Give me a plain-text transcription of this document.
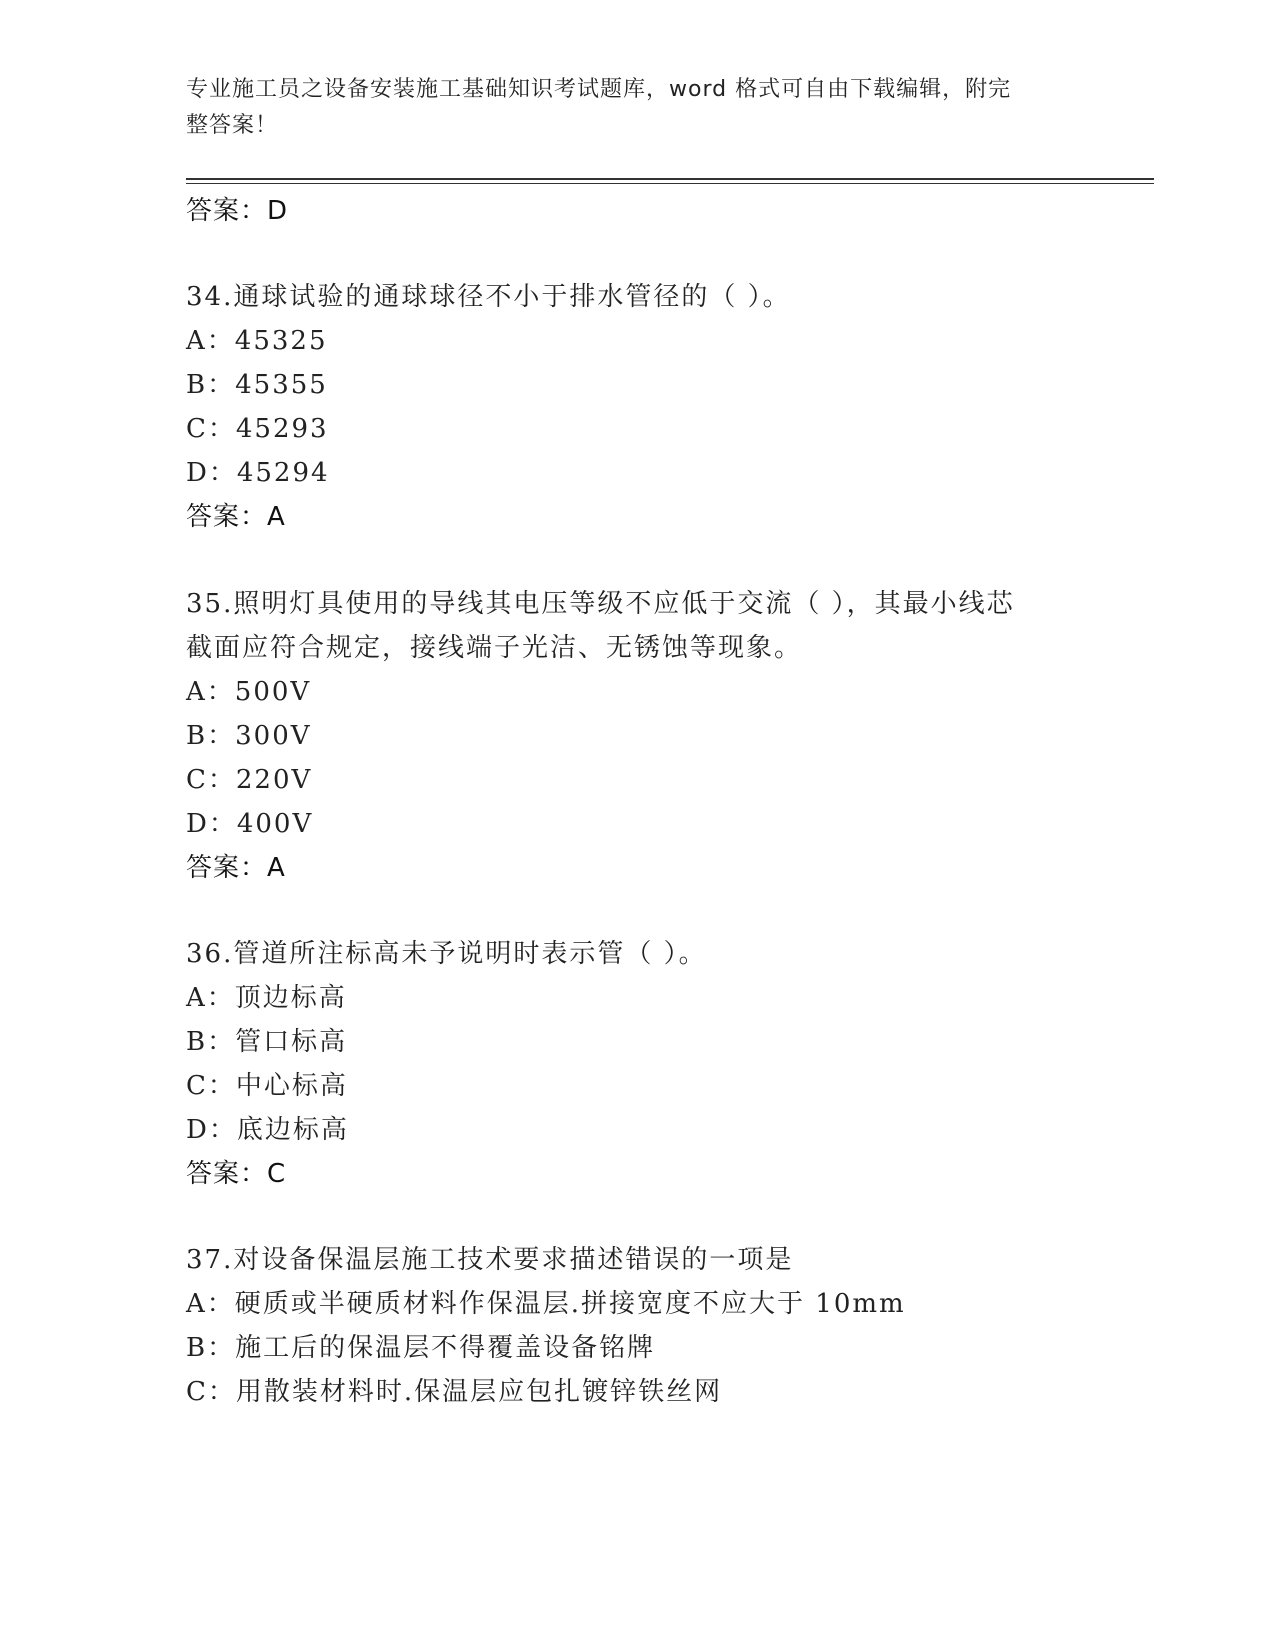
专业施工员之设备安装施工基础知识考试题库，word 格式可自由下载编辑，附完
整答案！
答案：D
34.通球试验的通球球径不小于排水管径的（ ）。
A：45325
B：45355
C：45293
D：45294
答案：A
35.照明灯具使用的导线其电压等级不应低于交流（ ），其最小线芯
截面应符合规定，接线端子光洁、无锈蚀等现象。
A：500V
B：300V
C：220V
D：400V
答案：A
36.管道所注标高未予说明时表示管（ ）。
A：顶边标高
B：管口标高
C：中心标高
D：底边标高
答案：C
37.对设备保温层施工技术要求描述错误的一项是
A：硬质或半硬质材料作保温层.拼接宽度不应大于 10mm
B：施工后的保温层不得覆盖设备铭牌
C：用散装材料时.保温层应包扎镀锌铁丝网
